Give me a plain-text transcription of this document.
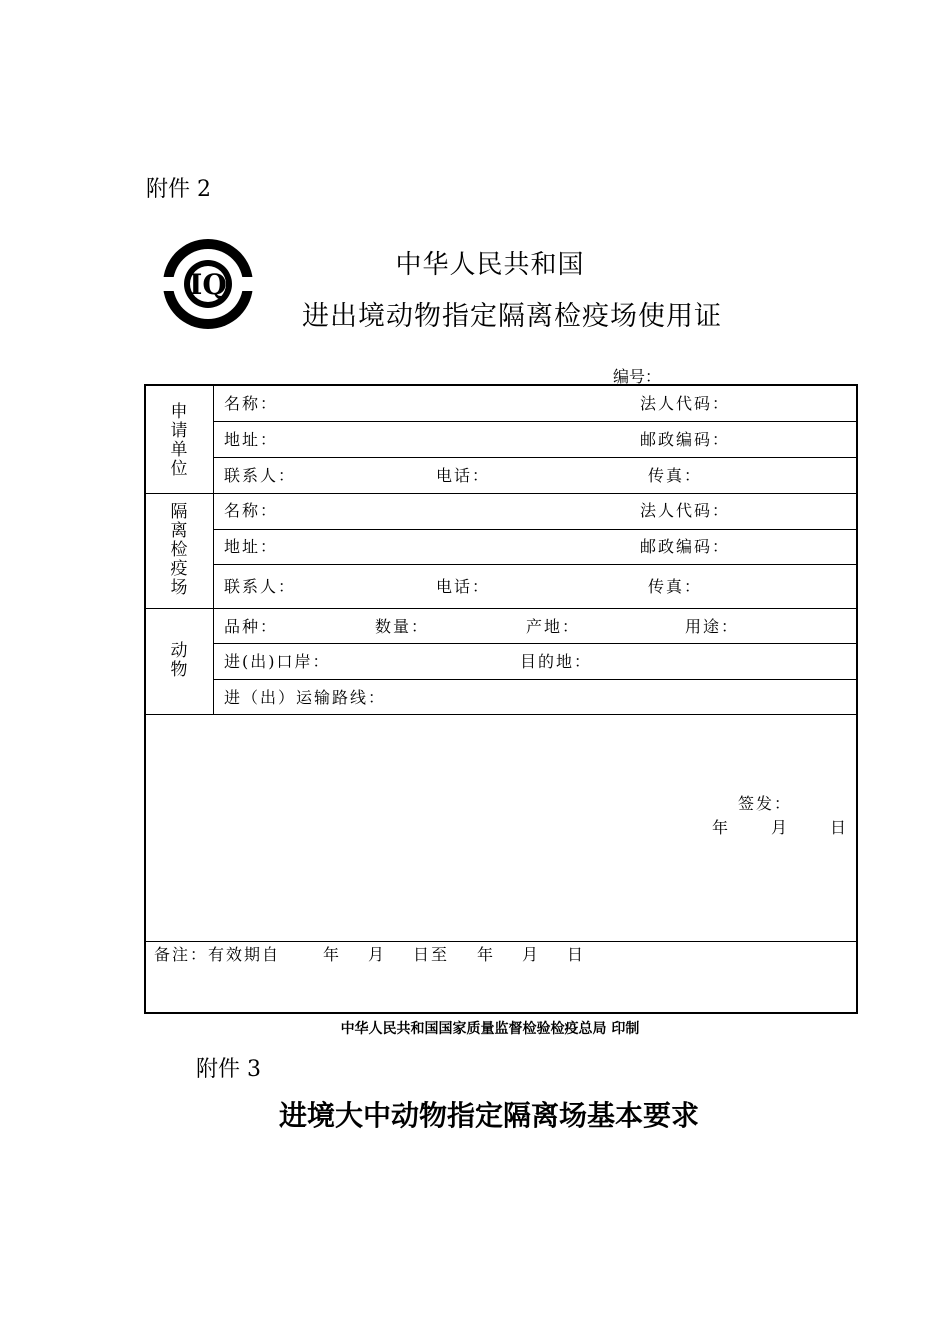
附件 2
IQ
中华人民共和国
进出境动物指定隔离检疫场使用证
编号：
申
请
单
位
名称：	法人代码：
地址：	邮政编码：
联系人：	电话：	传真：
隔
离
检
疫
场
名称：	法人代码：
地址：	邮政编码：
联系人：	电话：	传真：
动
物
品种：	数量：	产地：	用途：
进(出)口岸：	目的地：
进（出）运输路线：
签发：
年	月	日
备注：有效期自	年 月 日至 年 月 日
中华人民共和国国家质量监督检验检疫总局 印制
附件 3
进境大中动物指定隔离场基本要求
